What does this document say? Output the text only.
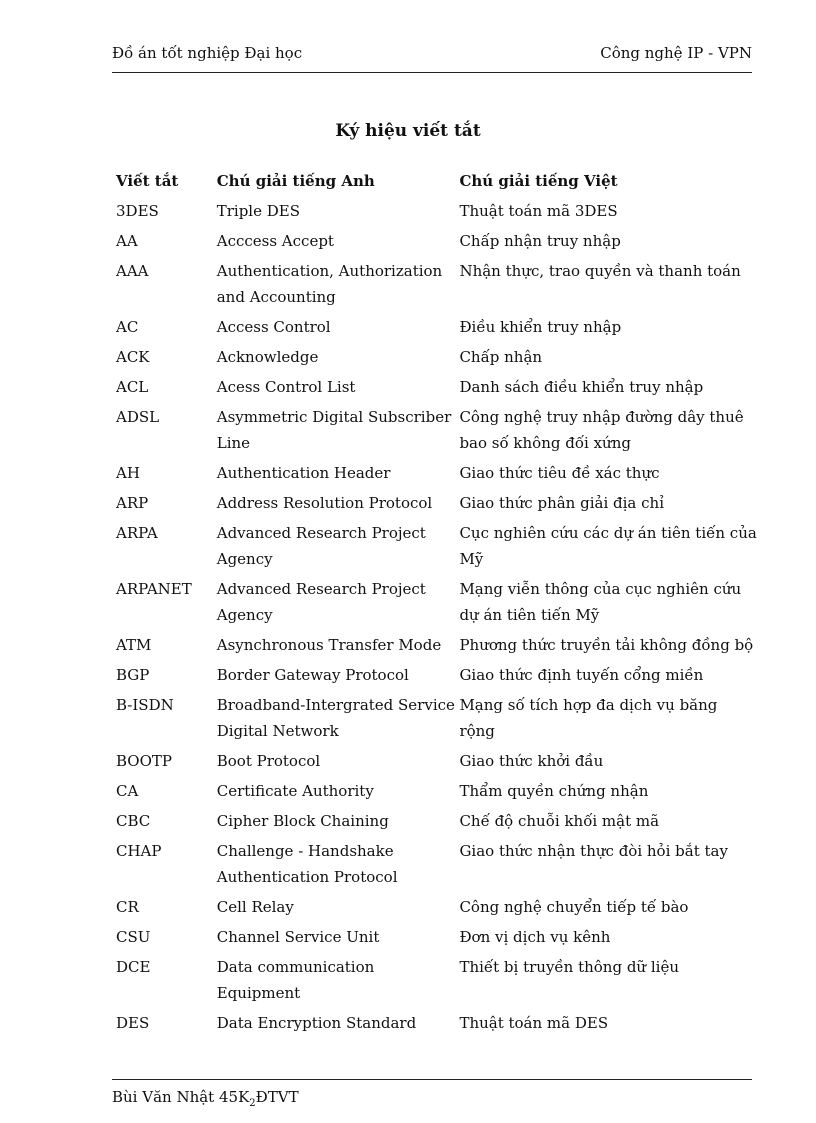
Đồ án tốt nghiệp Đại học	Công nghệ IP - VPN
Ký hiệu viết tắt
Viết tắt	Chú giải tiếng Anh	Chú giải tiếng Việt
3DES	Triple DES	Thuật toán mã 3DES
AA	Acccess Accept	Chấp nhận truy nhập
AAA	Authentication, Authorization and Accounting	Nhận thực, trao quyền và thanh toán
AC	Access Control	Điều khiển truy nhập
ACK	Acknowledge	Chấp nhận
ACL	Acess Control List	Danh sách điều khiển truy nhập
ADSL	Asymmetric Digital Subscriber Line	Công nghệ truy nhập đường dây thuê bao số không đối xứng
AH	Authentication Header	Giao thức tiêu đề xác thực
ARP	Address Resolution Protocol	Giao thức phân giải địa chỉ
ARPA	Advanced Research Project Agency	Cục nghiên cứu các dự án tiên tiến của Mỹ
ARPANET	Advanced Research Project Agency	Mạng viễn thông của cục nghiên cứu dự án tiên tiến Mỹ
ATM	Asynchronous Transfer Mode	Phương thức truyền tải không đồng bộ
BGP	Border Gateway Protocol	Giao thức định tuyến cổng miền
B-ISDN	Broadband-Intergrated Service Digital Network	Mạng số tích hợp đa dịch vụ băng rộng
BOOTP	Boot Protocol	Giao thức khởi đầu
CA	Certificate Authority	Thẩm quyền chứng nhận
CBC	Cipher Block Chaining	Chế độ chuỗi khối mật mã
CHAP	Challenge - Handshake Authentication Protocol	Giao thức nhận thực đòi hỏi bắt tay
CR	Cell Relay	Công nghệ chuyển tiếp tế bào
CSU	Channel Service Unit	Đơn vị dịch vụ kênh
DCE	Data communication Equipment	Thiết bị truyền thông dữ liệu
DES	Data Encryption Standard	Thuật toán mã DES
Bùi Văn Nhật $45K_2ĐTVT$
